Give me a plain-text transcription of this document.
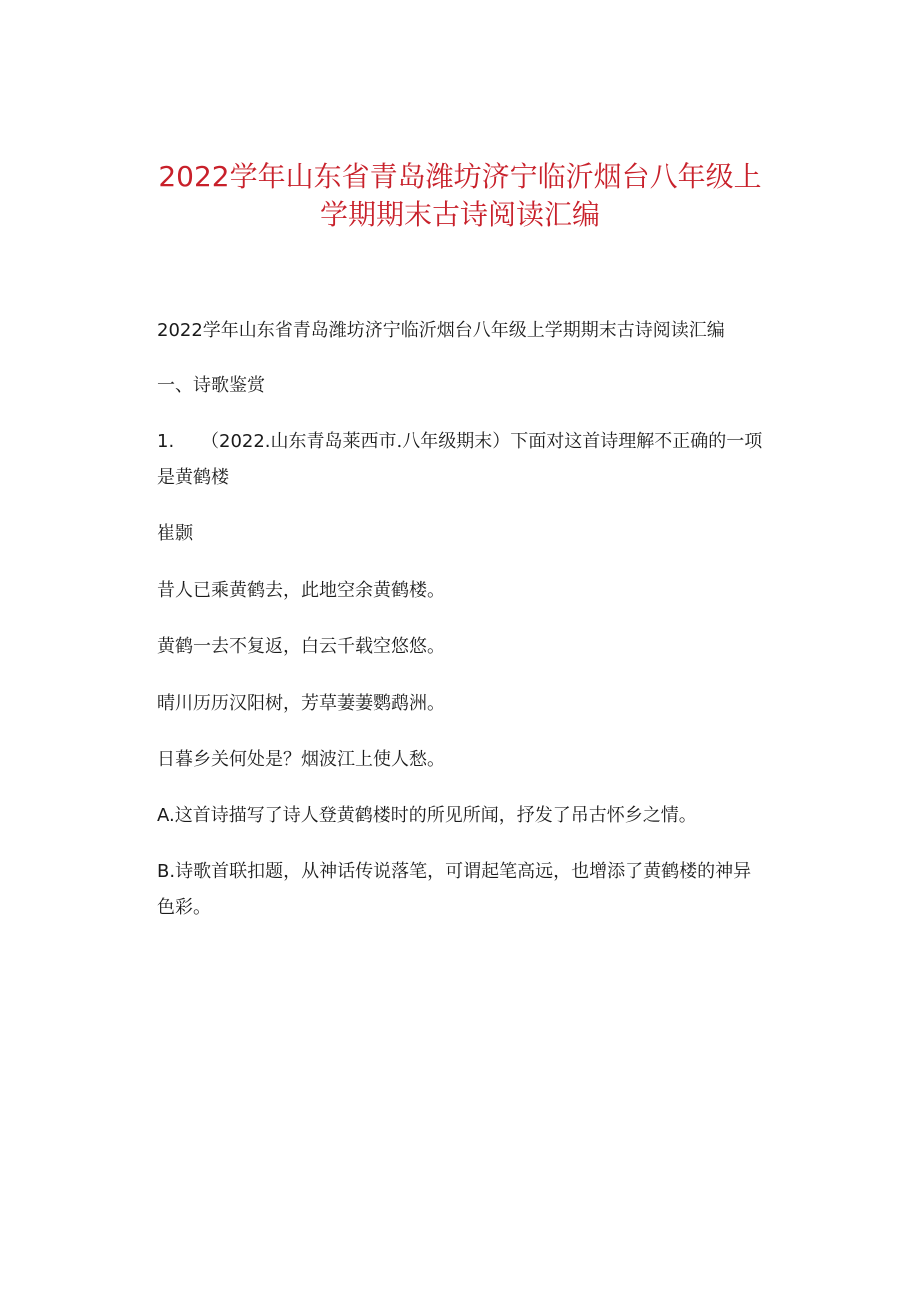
2022学年山东省青岛潍坊济宁临沂烟台八年级上
学期期末古诗阅读汇编
2022学年山东省青岛潍坊济宁临沂烟台八年级上学期期末古诗阅读汇编
一、诗歌鉴赏
1. （2022.山东青岛莱西市.八年级期末）下面对这首诗理解不正确的一项是黄鹤楼
崔颢
昔人已乘黄鹤去，此地空余黄鹤楼。
黄鹤一去不复返，白云千载空悠悠。
晴川历历汉阳树，芳草萋萋鹦鹉洲。
日暮乡关何处是？烟波江上使人愁。
A.这首诗描写了诗人登黄鹤楼时的所见所闻，抒发了吊古怀乡之情。
B.诗歌首联扣题，从神话传说落笔，可谓起笔高远，也增添了黄鹤楼的神异色彩。
